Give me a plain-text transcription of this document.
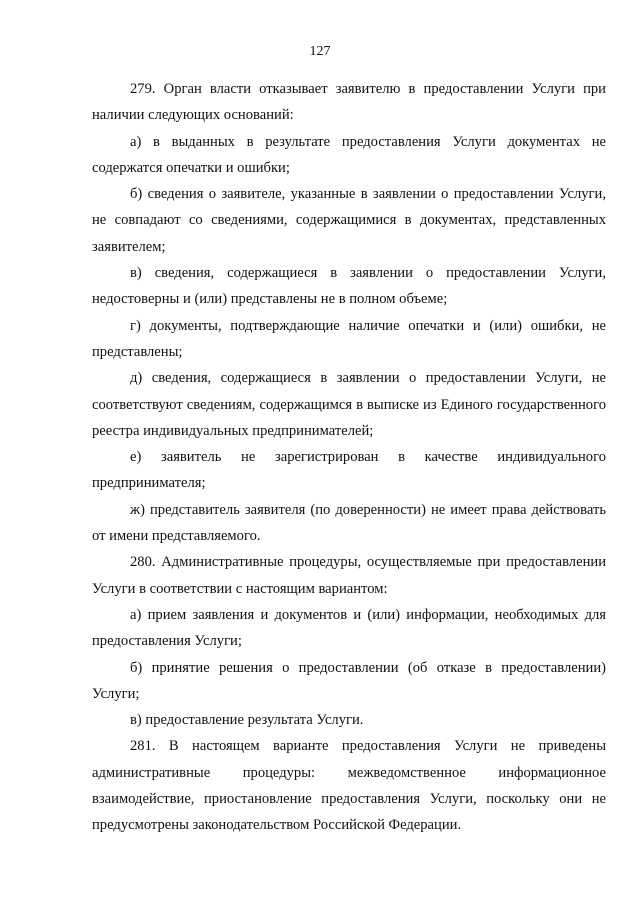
127

279. Орган власти отказывает заявителю в предоставлении Услуги при наличии следующих оснований:

а) в выданных в результате предоставления Услуги документах не содержатся опечатки и ошибки;

б) сведения о заявителе, указанные в заявлении о предоставлении Услуги, не совпадают со сведениями, содержащимися в документах, представленных заявителем;

в) сведения, содержащиеся в заявлении о предоставлении Услуги, недостоверны и (или) представлены не в полном объеме;

г) документы, подтверждающие наличие опечатки и (или) ошибки, не представлены;

д) сведения, содержащиеся в заявлении о предоставлении Услуги, не соответствуют сведениям, содержащимся в выписке из Единого государственного реестра индивидуальных предпринимателей;

е) заявитель не зарегистрирован в качестве индивидуального предпринимателя;

ж) представитель заявителя (по доверенности) не имеет права действовать от имени представляемого.

280. Административные процедуры, осуществляемые при предоставлении Услуги в соответствии с настоящим вариантом:

а) прием заявления и документов и (или) информации, необходимых для предоставления Услуги;

б) принятие решения о предоставлении (об отказе в предоставлении) Услуги;

в) предоставление результата Услуги.

281. В настоящем варианте предоставления Услуги не приведены административные процедуры: межведомственное информационное взаимодействие, приостановление предоставления Услуги, поскольку они не предусмотрены законодательством Российской Федерации.
